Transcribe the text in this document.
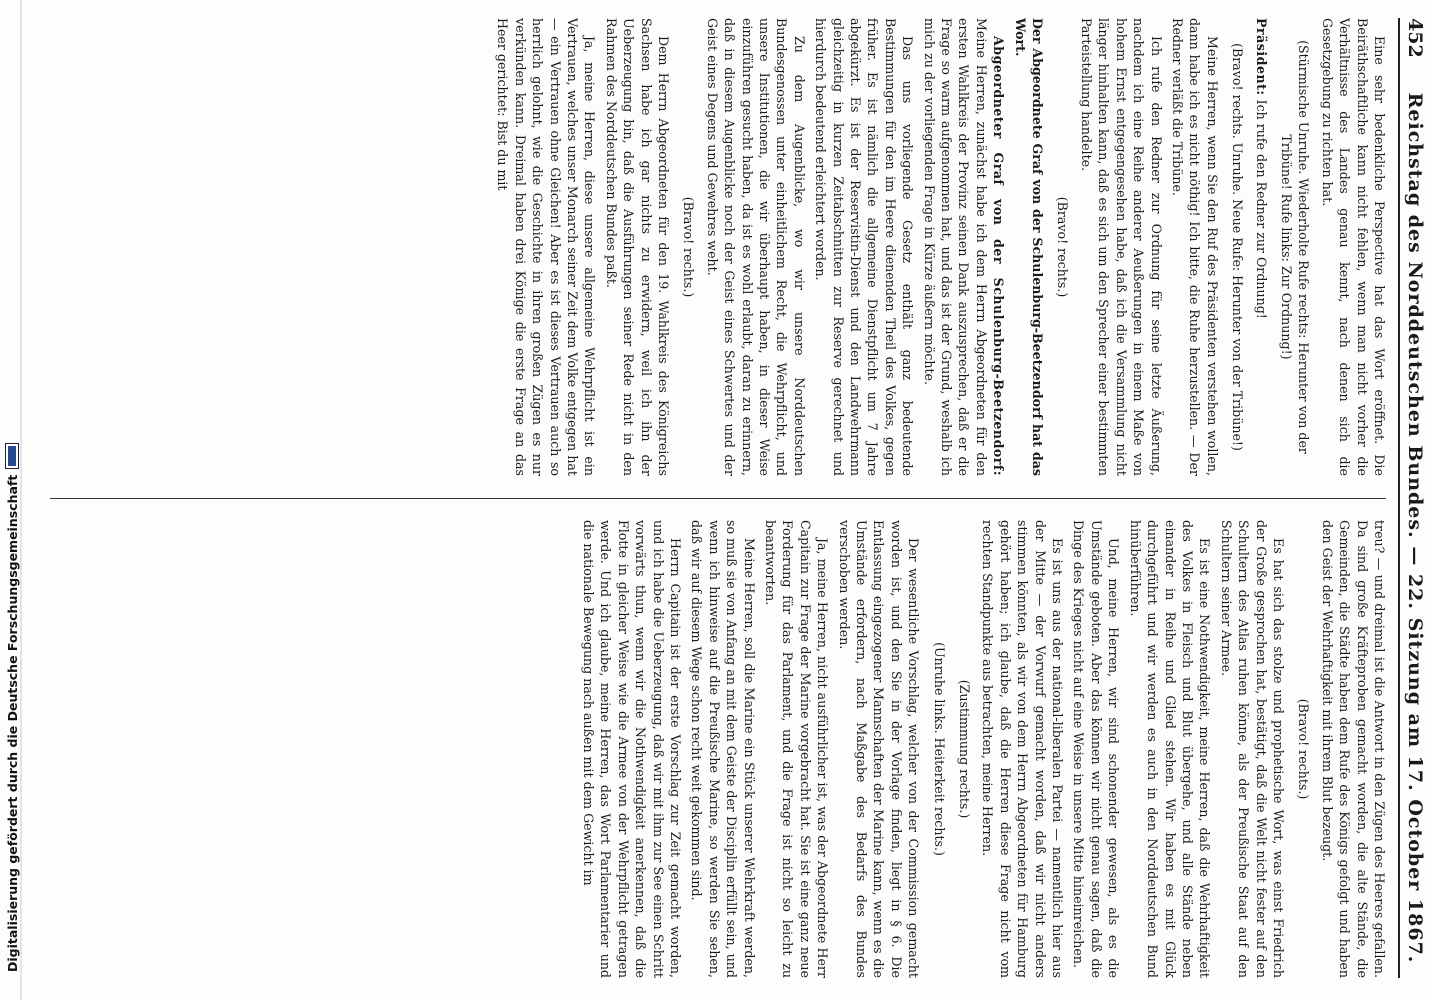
Digitalisierung gefördert durch die Deutsche Forschungsgemeinschaft
452
Reichstag des Norddeutschen Bundes. — 22. Sitzung am 17. October 1867.

Eine sehr bedenkliche Perspective hat das Wort eröffnet. Die Beiräthschaftliche kann nicht fehlen, wenn man nicht vorher die Verhältnisse des Landes genau kennt, nach denen sich die Gesetzgebung zu richten hat.

(Stürmische Unruhe. Wiederholte Rufe rechts: Herunter von der Tribüne! Rufe links: Zur Ordnung!)

Präsident: Ich rufe den Redner zur Ordnung!

(Bravo! rechts. Unruhe. Neue Rufe: Herunter von der Tribüne!)

Meine Herren, wenn Sie den Ruf des Präsidenten verstehen wollen, dann habe ich es nicht nöthig! Ich bitte, die Ruhe herzustellen. — Der Redner verläßt die Tribüne.

Ich rufe den Redner zur Ordnung für seine letzte Äußerung, nachdem ich eine Reihe anderer Aeußerungen in einem Maße von hohem Ernst entgegengesehen habe, daß ich die Versammlung nicht länger hinhalten kann, daß es sich um den Sprecher einer bestimmten Parteistellung handelte.

(Bravo! rechts.)

Der Abgeordnete Graf von der Schulenburg-Beetzendorf hat das Wort.

Abgeordneter Graf von der Schulenburg-Beetzendorf: Meine Herren, zunächst habe ich dem Herrn Abgeordneten für den ersten Wahlkreis der Provinz seinen Dank auszusprechen, daß er die Frage so warm aufgenommen hat, und das ist der Grund, weshalb ich mich zu der vorliegenden Frage in Kürze äußern möchte.

Das uns vorliegende Gesetz enthält ganz bedeutende Bestimmungen für den im Heere dienenden Theil des Volkes, gegen früher. Es ist nämlich die allgemeine Dienstpflicht um 7 Jahre abgekürzt. Es ist der Reservistin-Dienst und den Landwehrmann gleichzeitig in kurzen Zeitabschnitten zur Reserve gerechnet und hierdurch bedeutend erleichtert worden.

Zu dem Augenblicke, wo wir unsere Norddeutschen Bundesgenossen unter einheitlichem Recht, die Wehrpflicht, und unsere Institutionen, die wir überhaupt haben, in dieser Weise einzuführen gesucht haben, da ist es wohl erlaubt, daran zu erinnern, daß in diesem Augenblicke noch der Geist eines Schwertes und der Geist eines Degens und Gewehres weht.

(Bravo! rechts.)

Dem Herrn Abgeordneten für den 19. Wahlkreis des Königreichs Sachsen habe ich gar nichts zu erwidern, weil ich ihn der Ueberzeugung bin, daß die Ausführungen seiner Rede nicht in den Rahmen des Norddeutschen Bundes paßt.

Ja, meine Herren, diese unsere allgemeine Wehrpflicht ist ein Vertrauen, welches unser Monarch seiner Zeit dem Volke entgegen hat — ein Vertrauen ohne Gleichen! Aber es ist dieses Vertrauen auch so herrlich gelohnt, wie die Geschichte in ihren großen Zügen es nur verkünden kann. Dreimal haben drei Könige die erste Frage an das Heer gerichtet: Bist du mit

treu? — und dreimal ist die Antwort in den Zügen des Heeres gefallen. Da sind große Kräfteproben gemacht worden, die alte Stände, die Gemeinden, die Städte haben dem Rufe des Königs gefolgt und haben den Geist der Wehrhaftigkeit mit ihrem Blut bezeugt.

(Bravo! rechts.)

Es hat sich das stolze und prophetische Wort, was einst Friedrich der Große gesprochen hat, bestätigt, daß die Welt nicht fester auf den Schultern des Atlas ruhen könne, als der Preußische Staat auf den Schultern seiner Armee.

Es ist eine Nothwendigkeit, meine Herren, daß die Wehrhaftigkeit des Volkes in Fleisch und Blut übergehe, und alle Stände neben einander in Reihe und Glied stehen. Wir haben es mit Glück durchgeführt und wir werden es auch in den Norddeutschen Bund hinüberführen.

Und, meine Herren, wir sind schonender gewesen, als es die Umstände geboten. Aber das können wir nicht genau sagen, daß die Dinge des Krieges nicht auf eine Weise in unsere Mitte hineinreichen.

Es ist uns aus der national-liberalen Partei — namentlich hier aus der Mitte — der Vorwurf gemacht worden, daß wir nicht anders stimmen könnten, als wir von dem Herrn Abgeordneten für Hamburg gehört haben; ich glaube, daß die Herren diese Frage nicht vom rechten Standpunkte aus betrachten, meine Herren.

(Zustimmung rechts.)

(Unruhe links. Heiterkeit rechts.)

Der wesentliche Vorschlag, welcher von der Commission gemacht worden ist, und den Sie in der Vorlage finden, liegt in § 6. Die Entlassung eingezogener Mannschaften der Marine kann, wenn es die Umstände erfordern, nach Maßgabe des Bedarfs des Bundes verschoben werden.

Ja, meine Herren, nicht ausführlicher ist, was der Abgeordnete Herr Capitain zur Frage der Marine vorgebracht hat. Sie ist eine ganz neue Forderung für das Parlament, und die Frage ist nicht so leicht zu beantworten.

Meine Herren, soll die Marine ein Stück unserer Wehrkraft werden, so muß sie von Anfang an mit dem Geiste der Disciplin erfüllt sein, und wenn ich hinweise auf die Preußische Marine, so werden Sie sehen, daß wir auf diesem Wege schon recht weit gekommen sind.

Herrn Capitain ist der erste Vorschlag zur Zeit gemacht worden, und ich habe die Ueberzeugung, daß wir mit ihm zur See einen Schritt vorwärts thun, wenn wir die Nothwendigkeit anerkennen, daß die Flotte in gleicher Weise wie die Armee von der Wehrpflicht getragen werde. Und ich glaube, meine Herren, das Wort Parlamentarier und die nationale Bewegung nach außen mit dem Gewicht im
